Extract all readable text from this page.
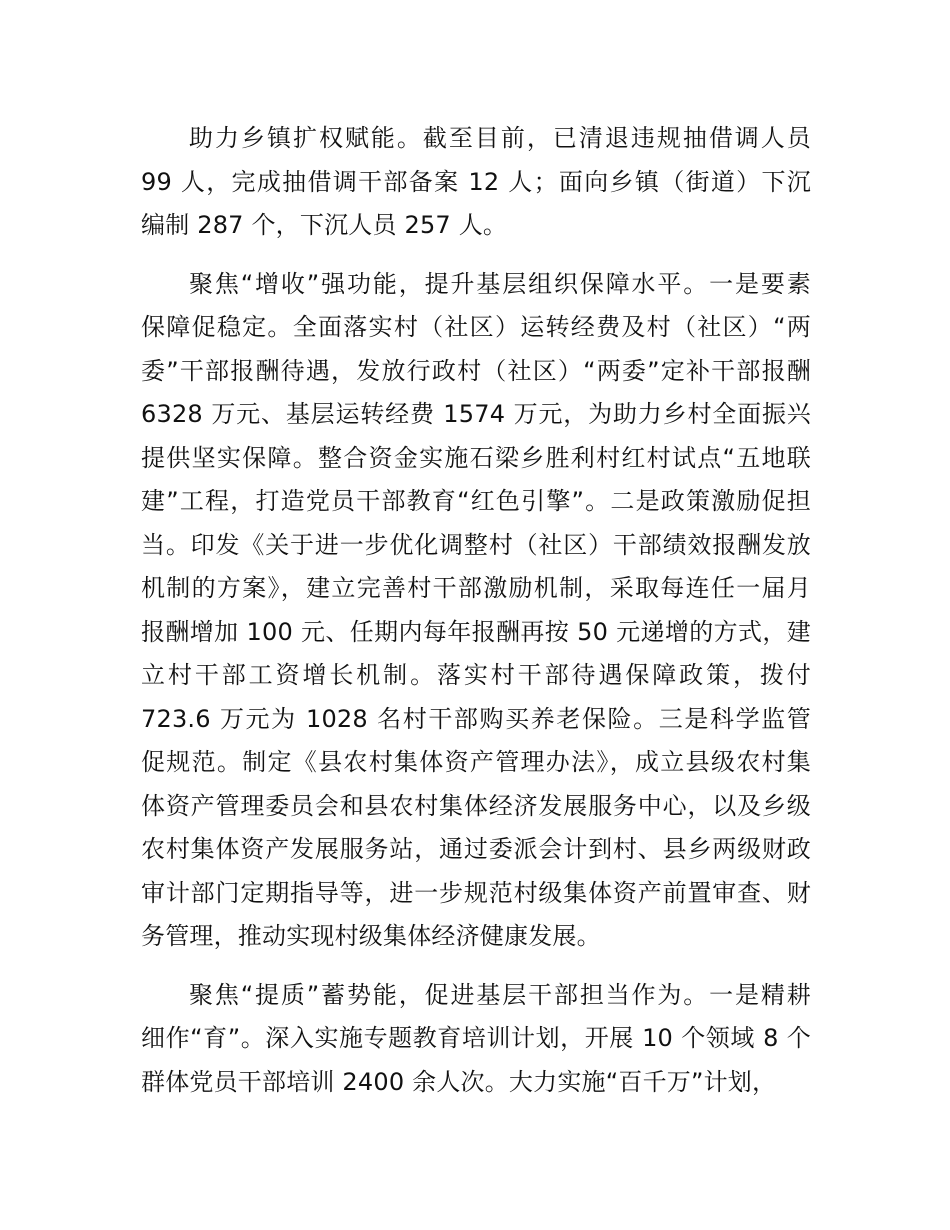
助力乡镇扩权赋能。截至目前，已清退违规抽借调人员
99 人，完成抽借调干部备案 12 人；面向乡镇（街道）下沉
编制 287 个，下沉人员 257 人。
聚焦“增收”强功能，提升基层组织保障水平。一是要素
保障促稳定。全面落实村（社区）运转经费及村（社区）“两
委”干部报酬待遇，发放行政村（社区）“两委”定补干部报酬
6328 万元、基层运转经费 1574 万元，为助力乡村全面振兴
提供坚实保障。整合资金实施石梁乡胜利村红村试点“五地联
建”工程，打造党员干部教育“红色引擎”。二是政策激励促担
当。印发《关于进一步优化调整村（社区）干部绩效报酬发放
机制的方案》，建立完善村干部激励机制，采取每连任一届月
报酬增加 100 元、任期内每年报酬再按 50 元递增的方式，建
立村干部工资增长机制。落实村干部待遇保障政策，拨付
723.6 万元为 1028 名村干部购买养老保险。三是科学监管
促规范。制定《县农村集体资产管理办法》，成立县级农村集
体资产管理委员会和县农村集体经济发展服务中心，以及乡级
农村集体资产发展服务站，通过委派会计到村、县乡两级财政
审计部门定期指导等，进一步规范村级集体资产前置审查、财
务管理，推动实现村级集体经济健康发展。
聚焦“提质”蓄势能，促进基层干部担当作为。一是精耕
细作“育”。深入实施专题教育培训计划，开展 10 个领域 8 个
群体党员干部培训 2400 余人次。大力实施“百千万”计划，
